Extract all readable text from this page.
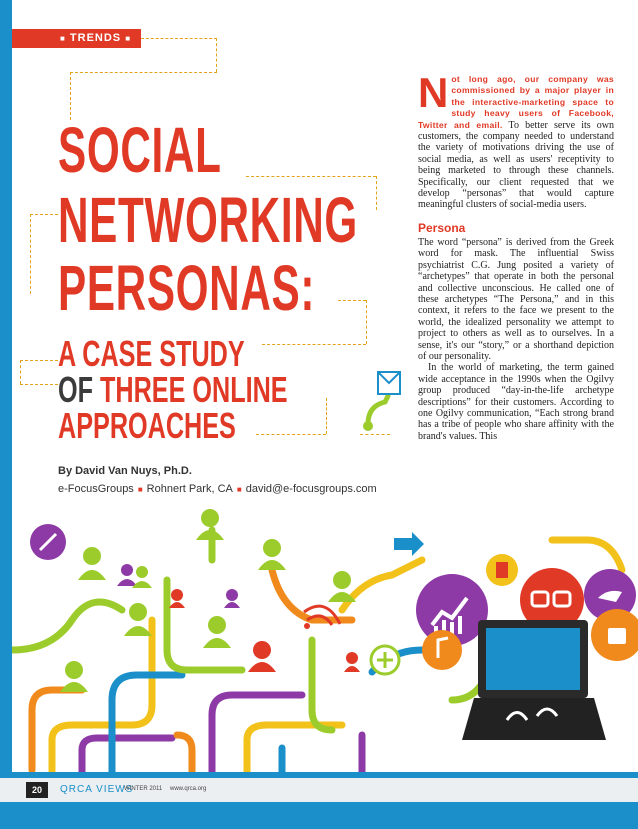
■ TRENDS ■
SOCIAL
NETWORKING
PERSONAS:
A CASE STUDY
OF THREE ONLINE
APPROACHES
By David Van Nuys, Ph.D.
e-FocusGroups ■ Rohnert Park, CA ■ david@e-focusgroups.com

Not long ago, our company was commissioned by a major player in the interactive-marketing space to study heavy users of Facebook, Twitter and email. To better serve its own customers, the company needed to understand the variety of motivations driving the use of social media, as well as users' receptivity to being marketed to through these channels. Specifically, our client requested that we develop “personas” that would capture meaningful clusters of social-media users.

Persona

The word “persona” is derived from the Greek word for mask. The influential Swiss psychiatrist C.G. Jung posited a variety of “archetypes” that operate in both the personal and collective unconscious. He called one of these archetypes “The Persona,” and in this context, it refers to the face we present to the world, the idealized personality we attempt to project to others as well as to ourselves. In a sense, it's our “story,” or a shorthand depiction of our personality.

In the world of marketing, the term gained wide acceptance in the 1990s when the Ogilvy group produced “day-in-the-life archetype descriptions” for their customers. According to one Ogilvy communication, “Each strong brand has a tribe of people who share affinity with the brand's values. This

20	QRCA VIEWS
WINTER 2011 www.qrca.org
